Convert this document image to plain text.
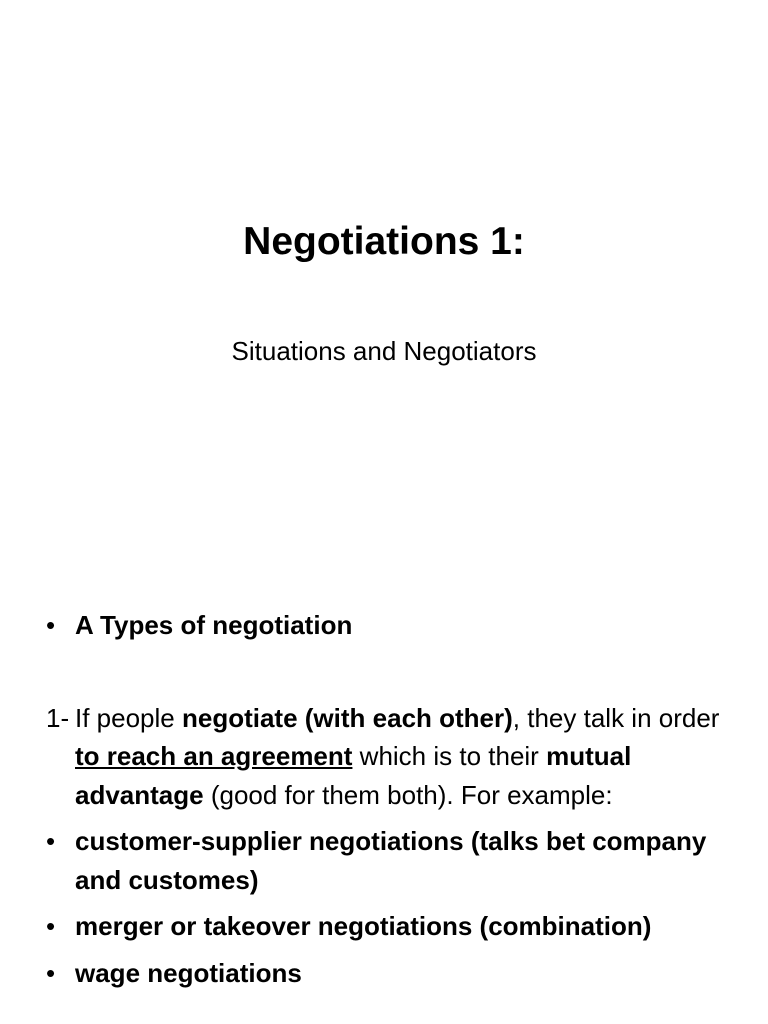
Negotiations 1:

Situations and Negotiators

• A Types of negotiation

1- If people negotiate (with each other), they talk in order to reach an agreement which is to their mutual advantage (good for them both). For example:

• customer-supplier negotiations (talks bet company and customes)

• merger or takeover negotiations (combination)

• wage negotiations
